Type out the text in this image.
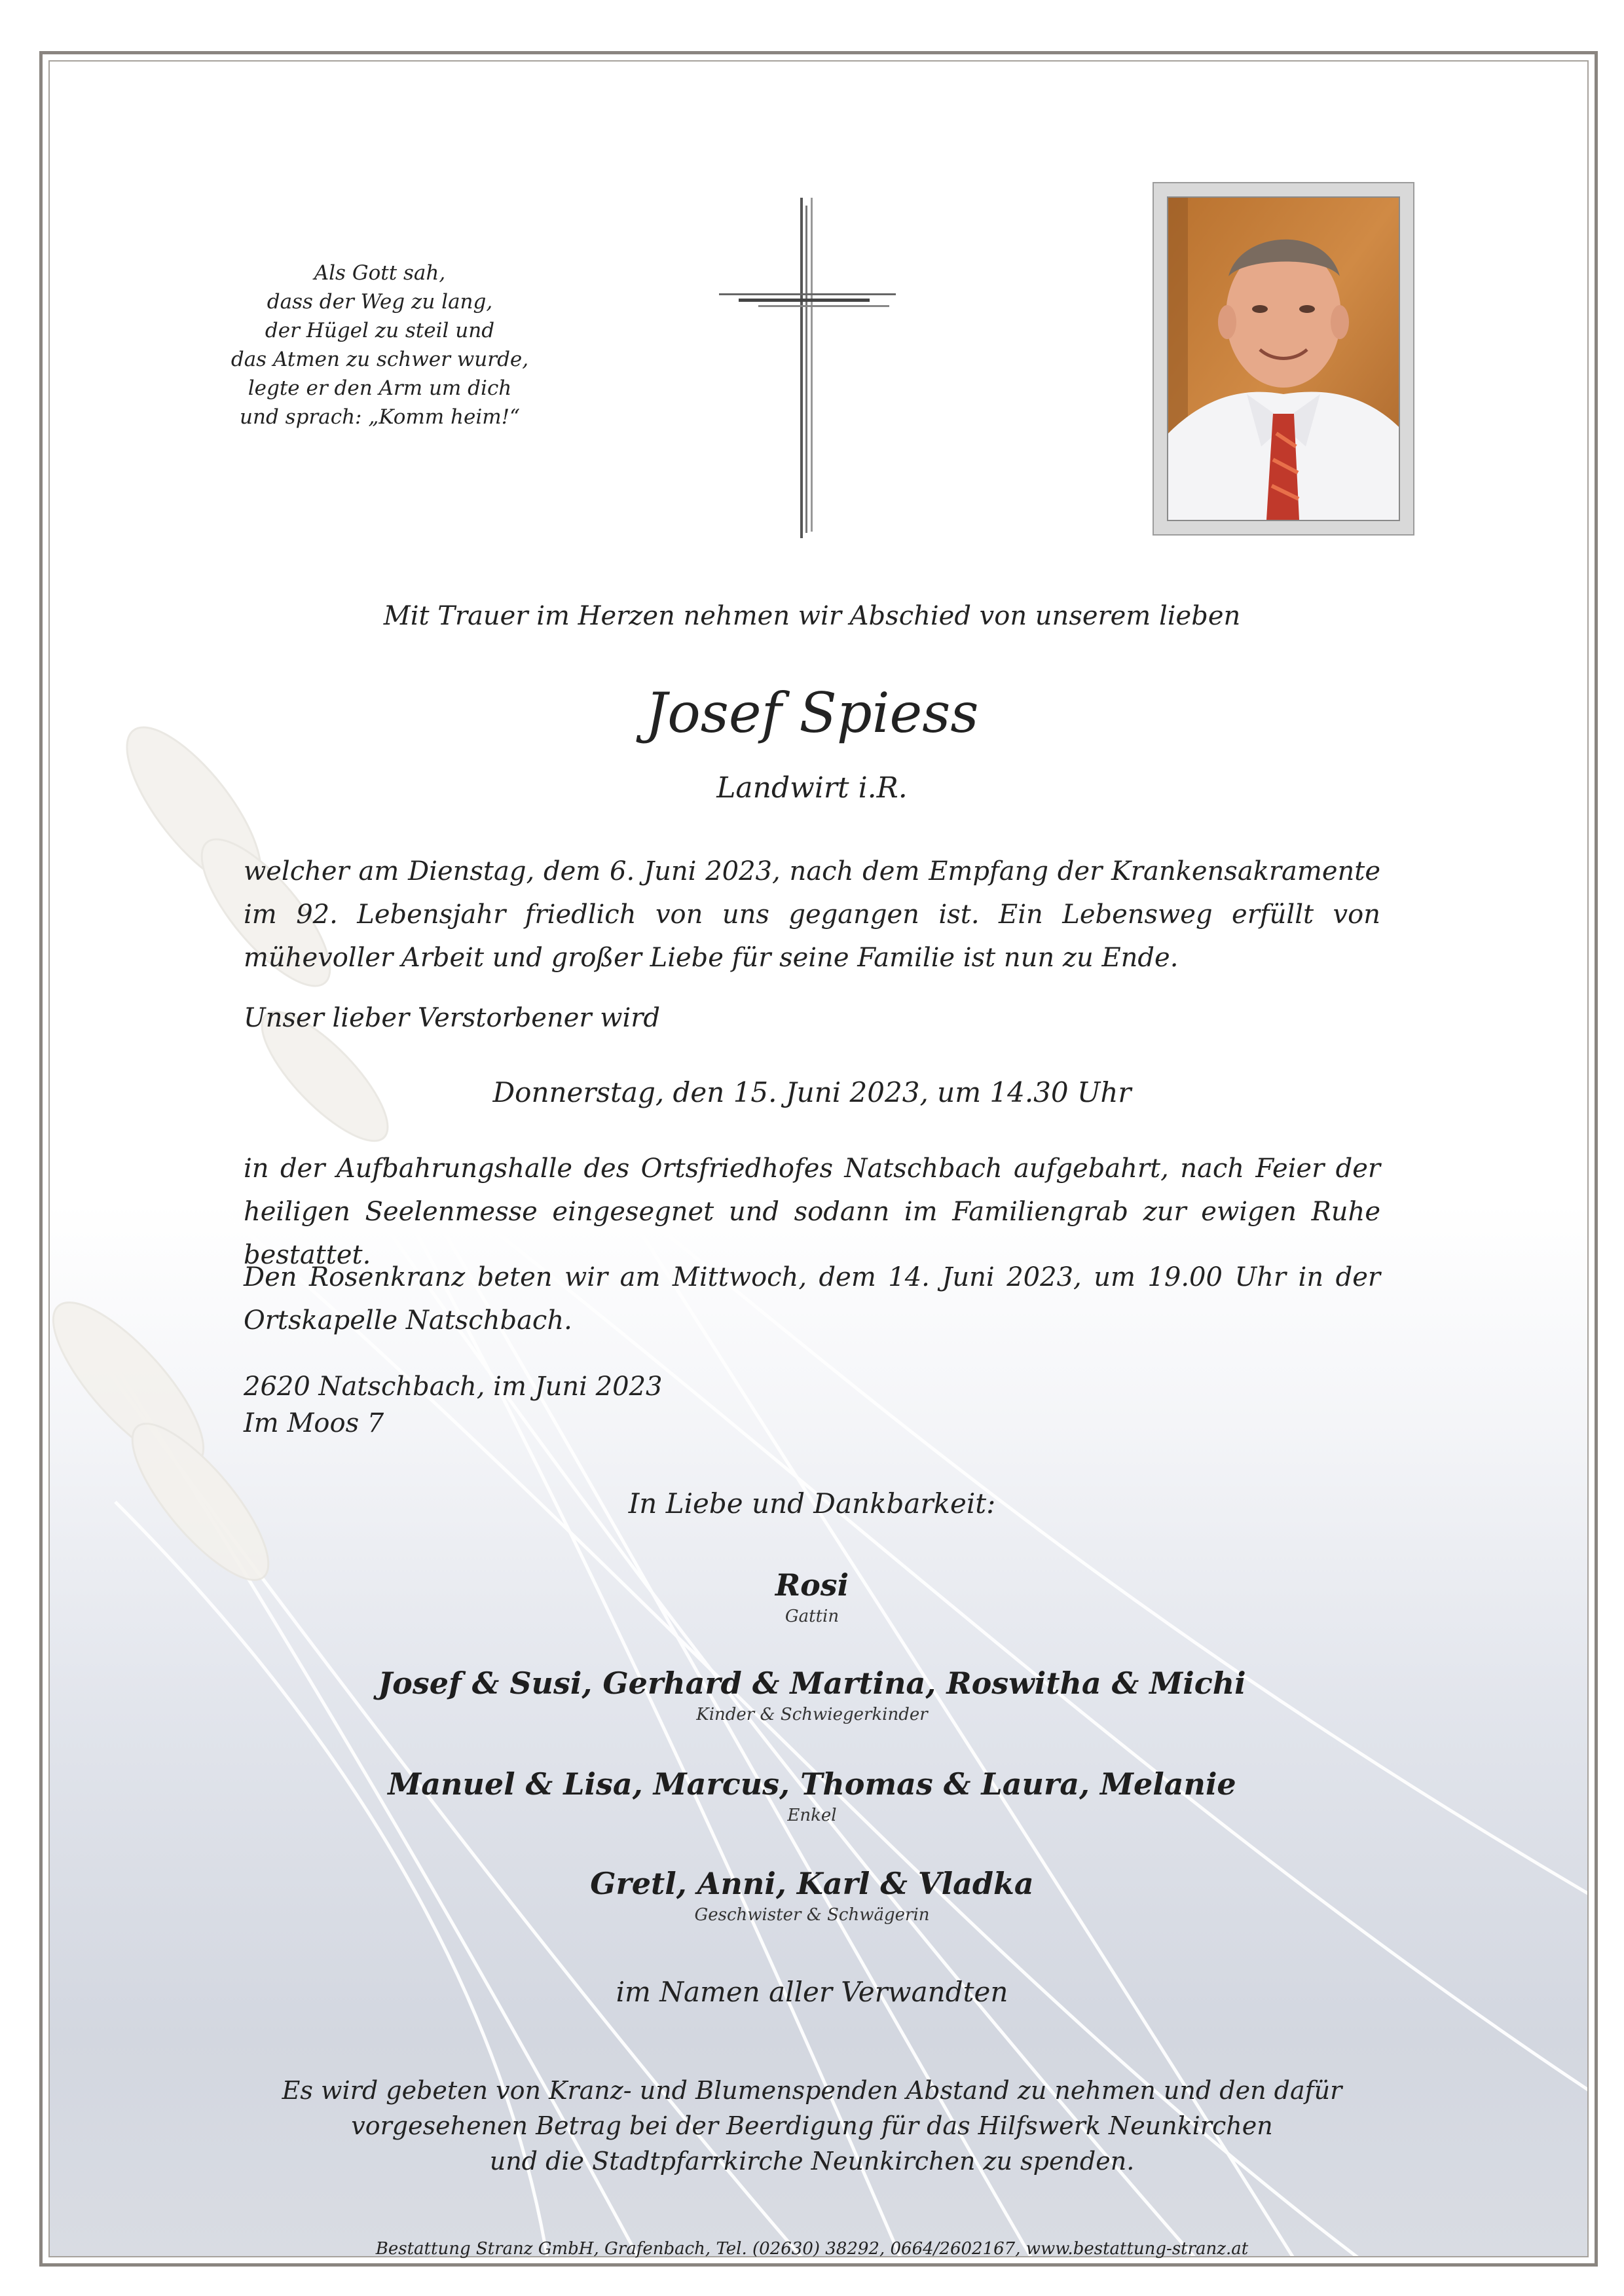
Als Gott sah,
dass der Weg zu lang,
der Hügel zu steil und
das Atmen zu schwer wurde,
legte er den Arm um dich
und sprach: „Komm heim!“
Mit Trauer im Herzen nehmen wir Abschied von unserem lieben
Josef Spiess
Landwirt i.R.
welcher am Dienstag, dem 6. Juni 2023, nach dem Empfang der Krankensakramente im 92. Lebensjahr friedlich von uns gegangen ist. Ein Lebensweg erfüllt von mühevoller Arbeit und großer Liebe für seine Familie ist nun zu Ende.
Unser lieber Verstorbener wird
Donnerstag, den 15. Juni 2023, um 14.30 Uhr
in der Aufbahrungshalle des Ortsfriedhofes Natschbach aufgebahrt, nach Feier der heiligen Seelenmesse eingesegnet und sodann im Familiengrab zur ewigen Ruhe bestattet.
Den Rosenkranz beten wir am Mittwoch, dem 14. Juni 2023, um 19.00 Uhr in der Ortskapelle Natschbach.
2620 Natschbach, im Juni 2023
Im Moos 7
In Liebe und Dankbarkeit:
Rosi
Gattin
Josef & Susi, Gerhard & Martina, Roswitha & Michi
Kinder & Schwiegerkinder
Manuel & Lisa, Marcus, Thomas & Laura, Melanie
Enkel
Gretl, Anni, Karl & Vladka
Geschwister & Schwägerin
im Namen aller Verwandten
Es wird gebeten von Kranz- und Blumenspenden Abstand zu nehmen und den dafür
vorgesehenen Betrag bei der Beerdigung für das Hilfswerk Neunkirchen
und die Stadtpfarrkirche Neunkirchen zu spenden.
Bestattung Stranz GmbH, Grafenbach, Tel. (02630) 38292, 0664/2602167, www.bestattung-stranz.at
